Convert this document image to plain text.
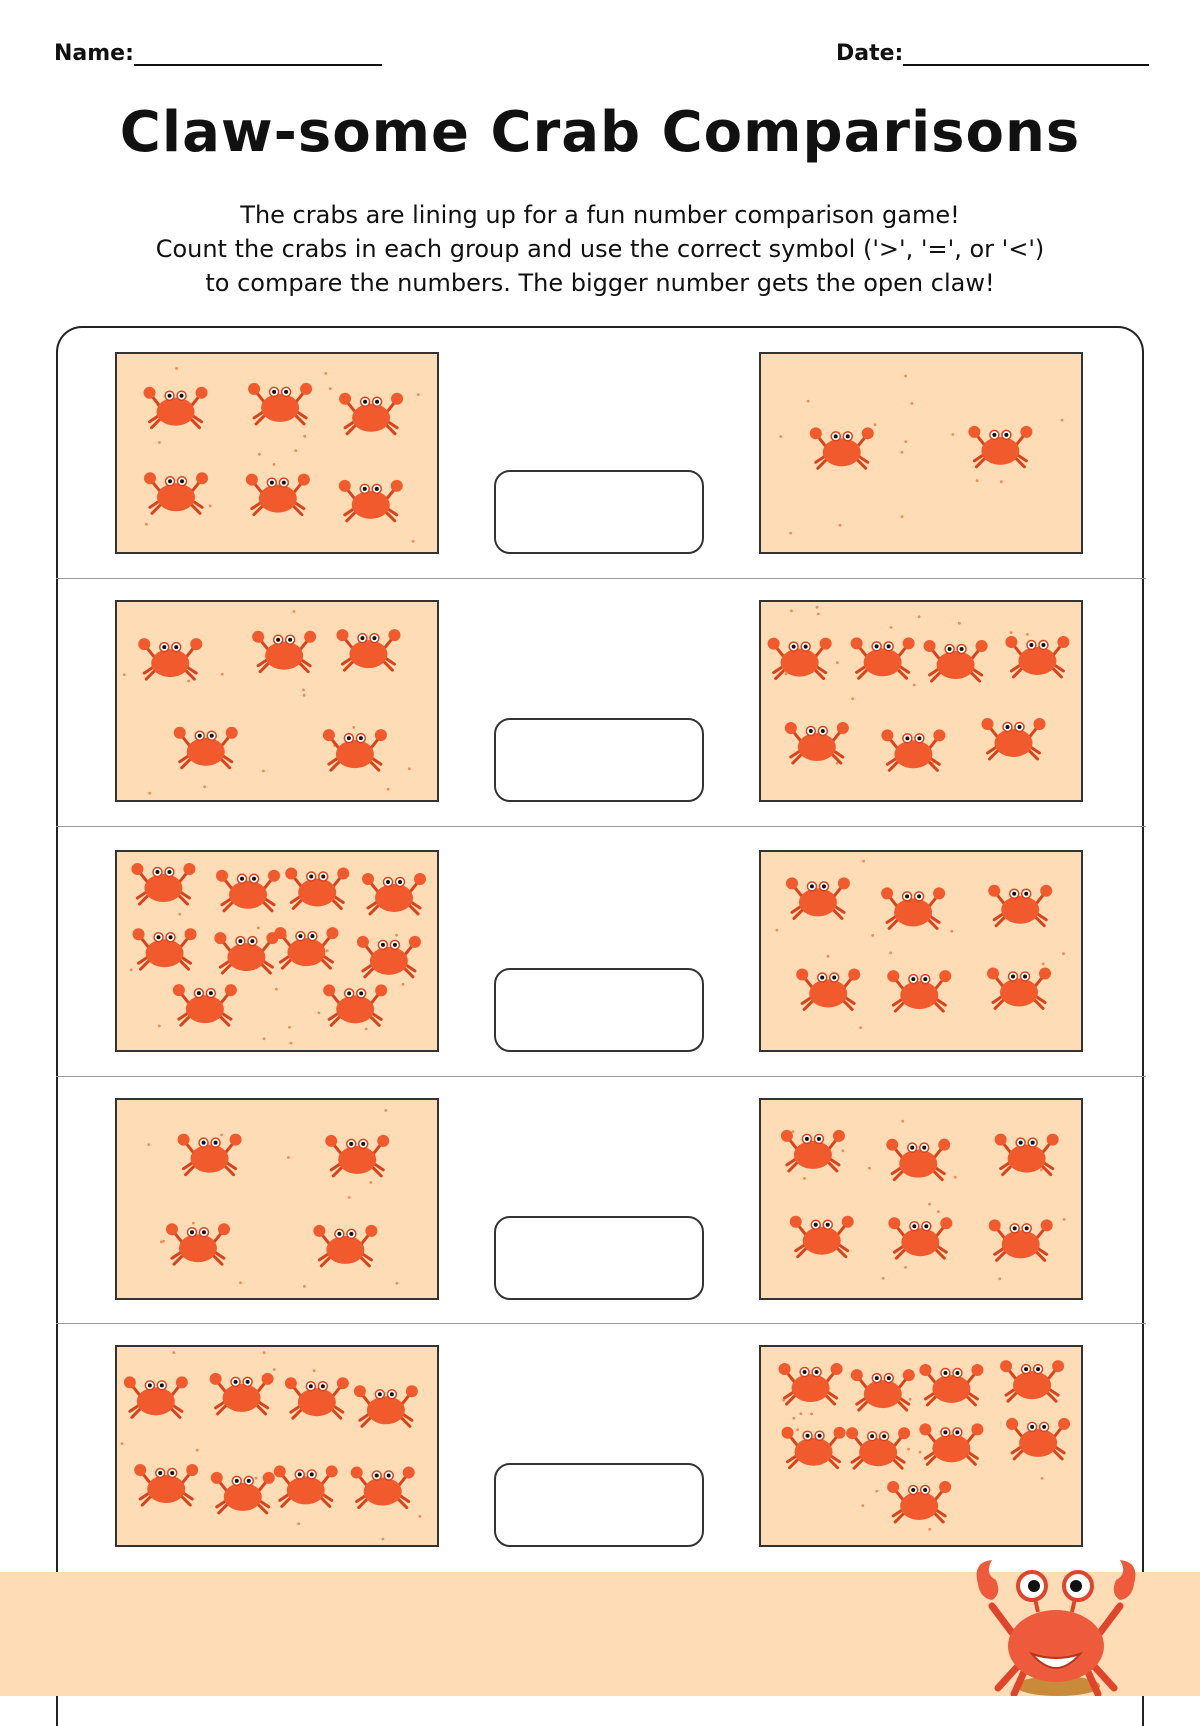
Name:	Date:
Claw-some Crab Comparisons
The crabs are lining up for a fun number comparison game!
Count the crabs in each group and use the correct symbol ('>', '=', or '<')
to compare the numbers. The bigger number gets the open claw!
